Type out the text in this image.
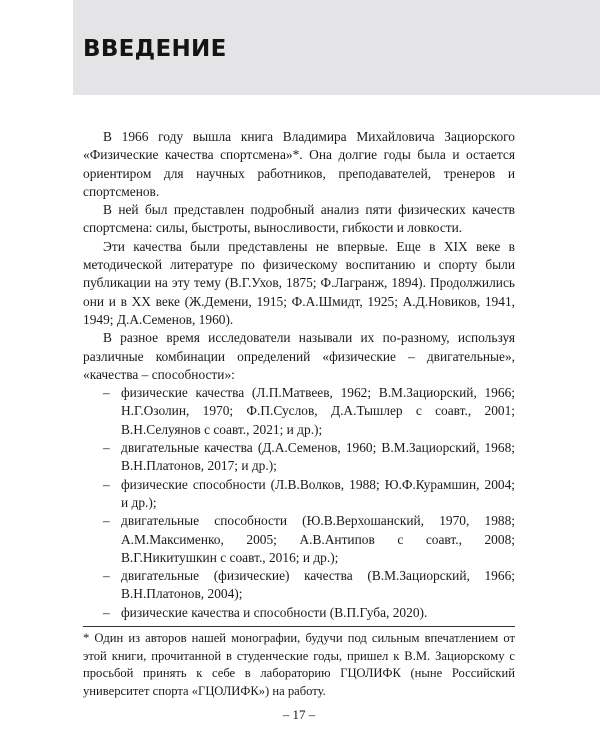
ВВЕДЕНИЕ

В 1966 году вышла книга Владимира Михайловича Зациорского «Физические качества спортсмена»*. Она долгие годы была и остается ориентиром для научных работников, преподавателей, тренеров и спортсменов.

В ней был представлен подробный анализ пяти физических качеств спортсмена: силы, быстроты, выносливости, гибкости и ловкости.

Эти качества были представлены не впервые. Еще в XIX веке в методической литературе по физическому воспитанию и спорту были публикации на эту тему (В.Г.Ухов, 1875; Ф.Лагранж, 1894). Продолжились они и в XX веке (Ж.Демени, 1915; Ф.А.Шмидт, 1925; А.Д.Новиков, 1941, 1949; Д.А.Семенов, 1960).

В разное время исследователи называли их по-разному, используя различные комбинации определений «физические – двигательные», «качества – способности»:

– физические качества (Л.П.Матвеев, 1962; В.М.Зациорский, 1966; Н.Г.Озолин, 1970; Ф.П.Суслов, Д.А.Тышлер с соавт., 2001; В.Н.Селуянов с соавт., 2021; и др.);
– двигательные качества (Д.А.Семенов, 1960; В.М.Зациорский, 1968; В.Н.Платонов, 2017; и др.);
– физические способности (Л.В.Волков, 1988; Ю.Ф.Курамшин, 2004; и др.);
– двигательные способности (Ю.В.Верхошанский, 1970, 1988; А.М.Максименко, 2005; А.В.Антипов с соавт., 2008; В.Г.Никитушкин с соавт., 2016; и др.);
– двигательные (физические) качества (В.М.Зациорский, 1966; В.Н.Платонов, 2004);
– физические качества и способности (В.П.Губа, 2020).

* Один из авторов нашей монографии, будучи под сильным впечатлением от этой книги, прочитанной в студенческие годы, пришел к В.М. Зациорскому с просьбой принять к себе в лабораторию ГЦОЛИФК (ныне Российский университет спорта «ГЦОЛИФК») на работу.

– 17 –
